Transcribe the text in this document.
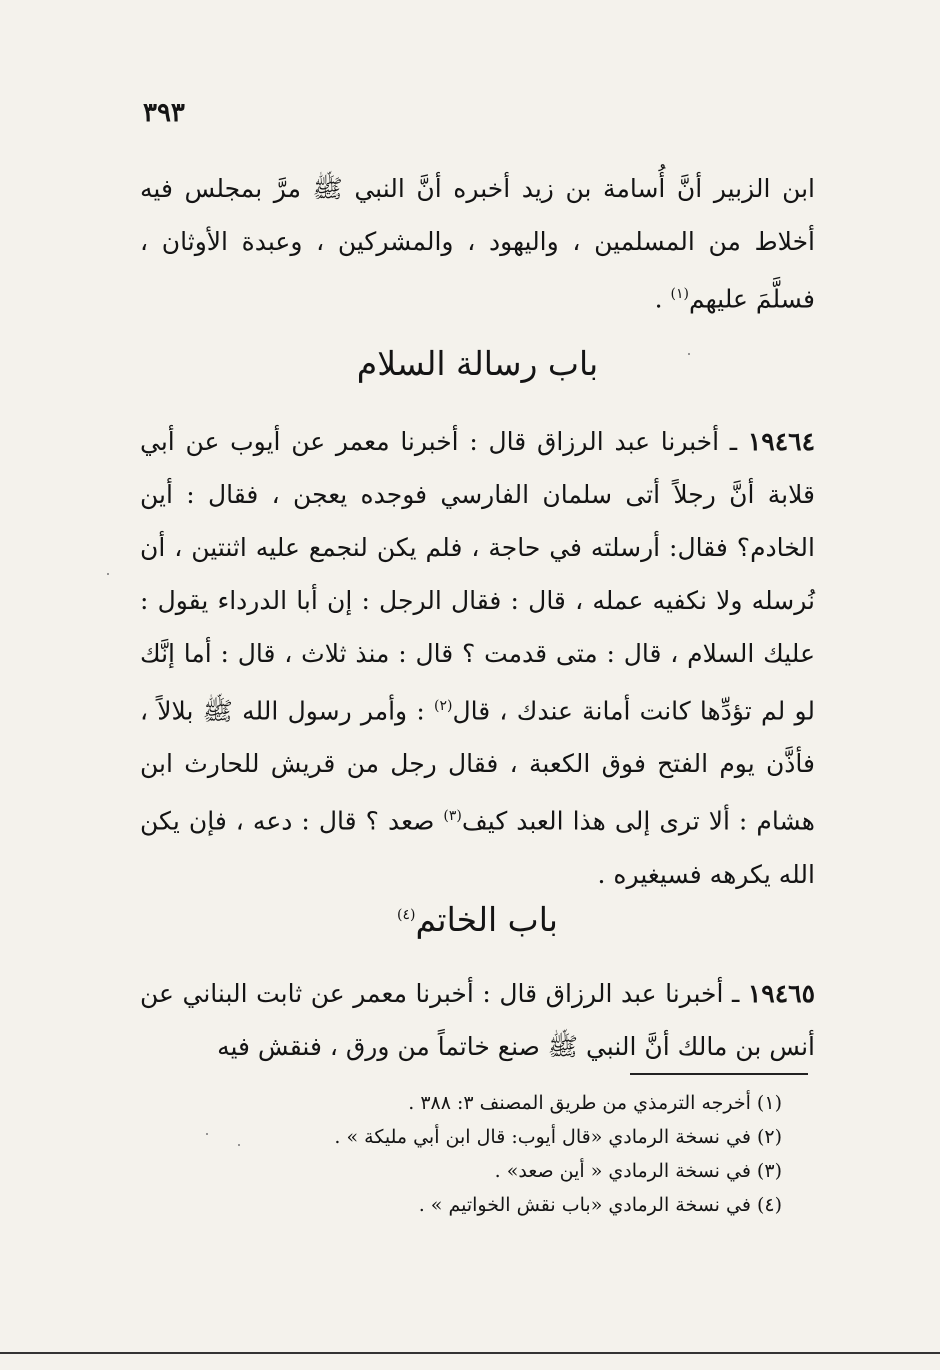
٣٩٣
ابن الزبير أنَّ أُسامة بن زيد أخبره أنَّ النبي ﷺ مرَّ بمجلس فيه أخلاط من المسلمين ، واليهود ، والمشركين ، وعبدة الأوثان ، فسلَّمَ عليهم$^{(١)}$ .
باب رسالة السلام
١٩٤٦٤ ـ أخبرنا عبد الرزاق قال : أخبرنا معمر عن أيوب عن أبي قلابة أنَّ رجلاً أتى سلمان الفارسي فوجده يعجن ، فقال : أين الخادم؟ فقال: أرسلته في حاجة ، فلم يكن لنجمع عليه اثنتين ، أن نُرسله ولا نكفيه عمله ، قال : فقال الرجل : إن أبا الدرداء يقول : عليك السلام ، قال : متى قدمت ؟ قال : منذ ثلاث ، قال : أما إنَّك لو لم تؤدِّها كانت أمانة عندك ، قال$^{(٢)}$ : وأمر رسول الله ﷺ بلالاً ، فأذَّن يوم الفتح فوق الكعبة ، فقال رجل من قريش للحارث ابن هشام : ألا ترى إلى هذا العبد كيف$^{(٣)}$ صعد ؟ قال : دعه ، فإن يكن الله يكرهه فسيغيره .
باب الخاتم$^{(٤)}$
١٩٤٦٥ ـ أخبرنا عبد الرزاق قال : أخبرنا معمر عن ثابت البناني عن أنس بن مالك أنَّ النبي ﷺ صنع خاتماً من ورق ، فنقش فيه
(١) أخرجه الترمذي من طريق المصنف ٣: ٣٨٨ .
(٢) في نسخة الرمادي «قال أيوب: قال ابن أبي مليكة » .
(٣) في نسخة الرمادي « أين صعد» .
(٤) في نسخة الرمادي «باب نقش الخواتيم » .
